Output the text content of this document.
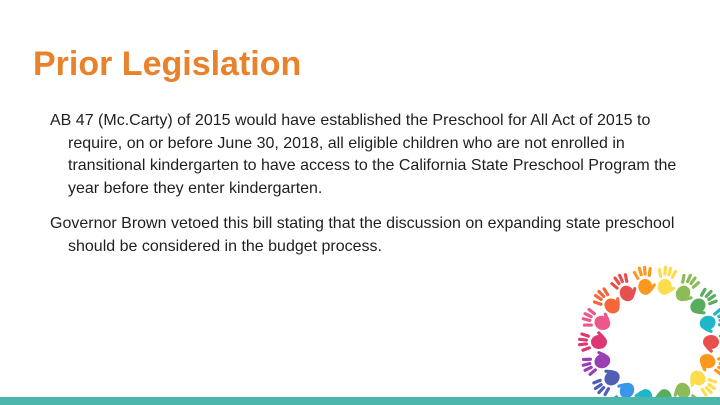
Prior Legislation

AB 47 (Mc.Carty) of 2015 would have established the Preschool for All Act of 2015 to require, on or before June 30, 2018, all eligible children who are not enrolled in transitional kindergarten to have access to the California State Preschool Program the year before they enter kindergarten.

Governor Brown vetoed this bill stating that the discussion on expanding state preschool should be considered in the budget process.
